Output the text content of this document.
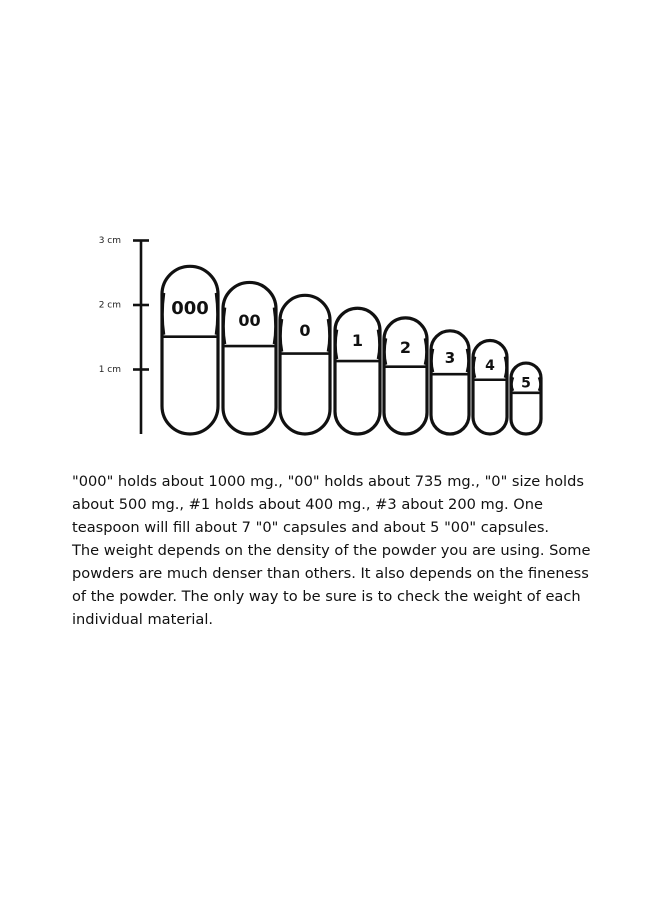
3 cm
2 cm
1 cm
000
00
0
1 2
3 4
5

"000" holds about 1000 mg., "00" holds about 735 mg., "0" size holds about 500 mg., #1 holds about 400 mg., #3 about 200 mg. One teaspoon will fill about 7 "0" capsules and about 5 "00" capsules.

The weight depends on the density of the powder you are using. Some powders are much denser than others. It also depends on the fineness of the powder. The only way to be sure is to check the weight of each individual material.
